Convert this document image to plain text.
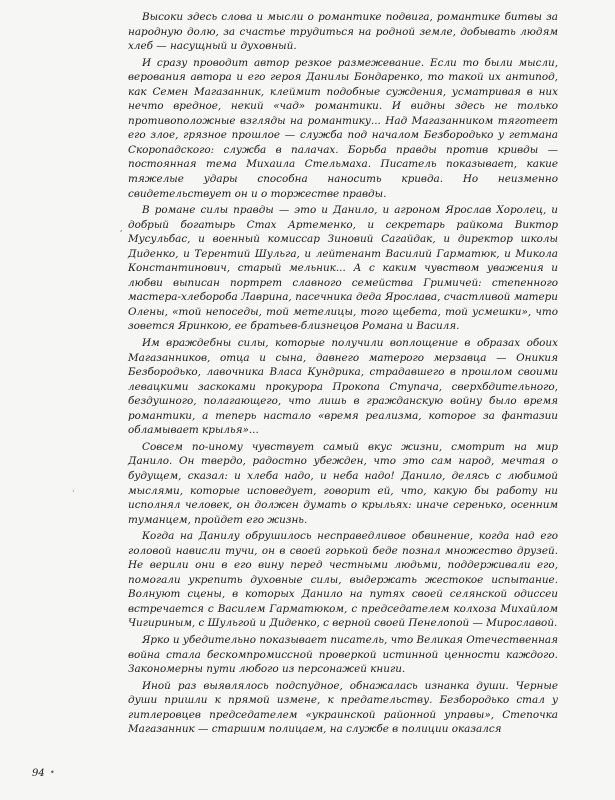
Высоки здесь слова и мысли о романтике подвига, романтике битвы за народную долю, за счастье трудиться на родной земле, добывать людям хлеб — насущный и духовный.

И сразу проводит автор резкое размежевание. Если то были мысли, верования автора и его героя Данилы Бондаренко, то такой их антипод, как Семен Магазанник, клеймит подобные суждения, усматривая в них нечто вредное, некий «чад» романтики. И видны здесь не только противоположные взгляды на романтику... Над Магазанником тяготеет его злое, грязное прошлое — служба под началом Безбородько у гетмана Скоропадского: служба в палачах. Борьба правды против кривды — постоянная тема Михаила Стельмаха. Писатель показывает, какие тяжелые удары способна наносить кривда. Но неизменно свидетельствует он и о торжестве правды.

В романе силы правды — это и Данило, и агроном Ярослав Хоролец, и добрый богатырь Стах Артеменко, и секретарь райкома Виктор Мусульбас, и военный комиссар Зиновий Сагайдак, и директор школы Диденко, и Терентий Шульга, и лейтенант Василий Гарматюк, и Микола Константинович, старый мельник... А с каким чувством уважения и любви выписан портрет славного семейства Гримичей: степенного мастера-хлебороба Лаврина, пасечника деда Ярослава, счастливой матери Олены, «той непоседы, той метелицы, того щебета, той усмешки», что зовется Яринкою, ее братьев-близнецов Романа и Василя.

Им враждебны силы, которые получили воплощение в образах обоих Магазанников, отца и сына, давнего матерого мерзавца — Оникия Безбородько, лавочника Власа Кундрика, страдавшего в прошлом своими левацкими заскоками прокурора Прокопа Ступача, сверхбдительного, бездушного, полагающего, что лишь в гражданскую войну было время романтики, а теперь настало «время реализма, которое за фантазии обламывает крылья»...

Совсем по-иному чувствует самый вкус жизни, смотрит на мир Данило. Он твердо, радостно убежден, что это сам народ, мечтая о будущем, сказал: и хлеба надо, и неба надо! Данило, делясь с любимой мыслями, которые исповедует, говорит ей, что, какую бы работу ни исполнял человек, он должен думать о крыльях: иначе серенько, осенним туманцем, пройдет его жизнь.

Когда на Данилу обрушилось несправедливое обвинение, когда над его головой нависли тучи, он в своей горькой беде познал множество друзей. Не верили они в его вину перед честными людьми, поддерживали его, помогали укрепить духовные силы, выдержать жестокое испытание. Волнуют сцены, в которых Данило на путях своей селянской одиссеи встречается с Василем Гарматюком, с председателем колхоза Михайлом Чигириным, с Шульгой и Диденко, с верной своей Пенелопой — Мирославой.

Ярко и убедительно показывает писатель, что Великая Отечественная война стала бескомпромиссной проверкой истинной ценности каждого. Закономерны пути любого из персонажей книги.

Иной раз выявлялось подспудное, обнажалась изнанка души. Черные души пришли к прямой измене, к предательству. Безбородько стал у гитлеровцев председателем «украинской районной управы», Степочка Магазанник — старшим полицаем, на службе в полиции оказался

,
·
94 •
